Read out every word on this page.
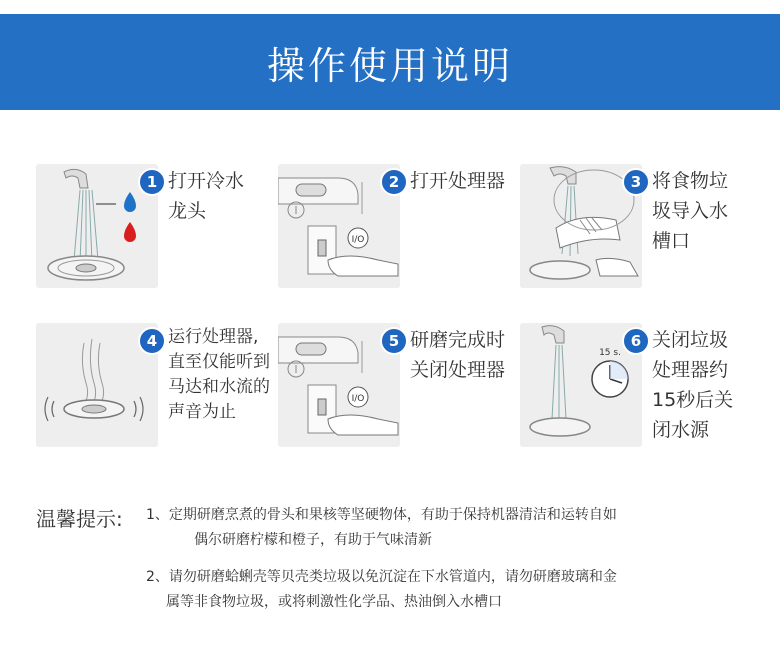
操作使用说明
1 打开冷水
龙头
I/O
2 打开处理器	3 将食物垃
圾导入水
槽口
4 运行处理器,
直至仅能听到
马达和水流的
声音为止
I/O
5 研磨完成时
关闭处理器
15 s.
6 关闭垃圾
处理器约
15秒后关
闭水源
温馨提示: 1、定期研磨烹煮的骨头和果核等坚硬物体，有助于保持机器清洁和运转自如
偶尔研磨柠檬和橙子，有助于气味清新
2、请勿研磨蛤蜊壳等贝壳类垃圾以免沉淀在下水管道内，请勿研磨玻璃和金
属等非食物垃圾，或将刺激性化学品、热油倒入水槽口
